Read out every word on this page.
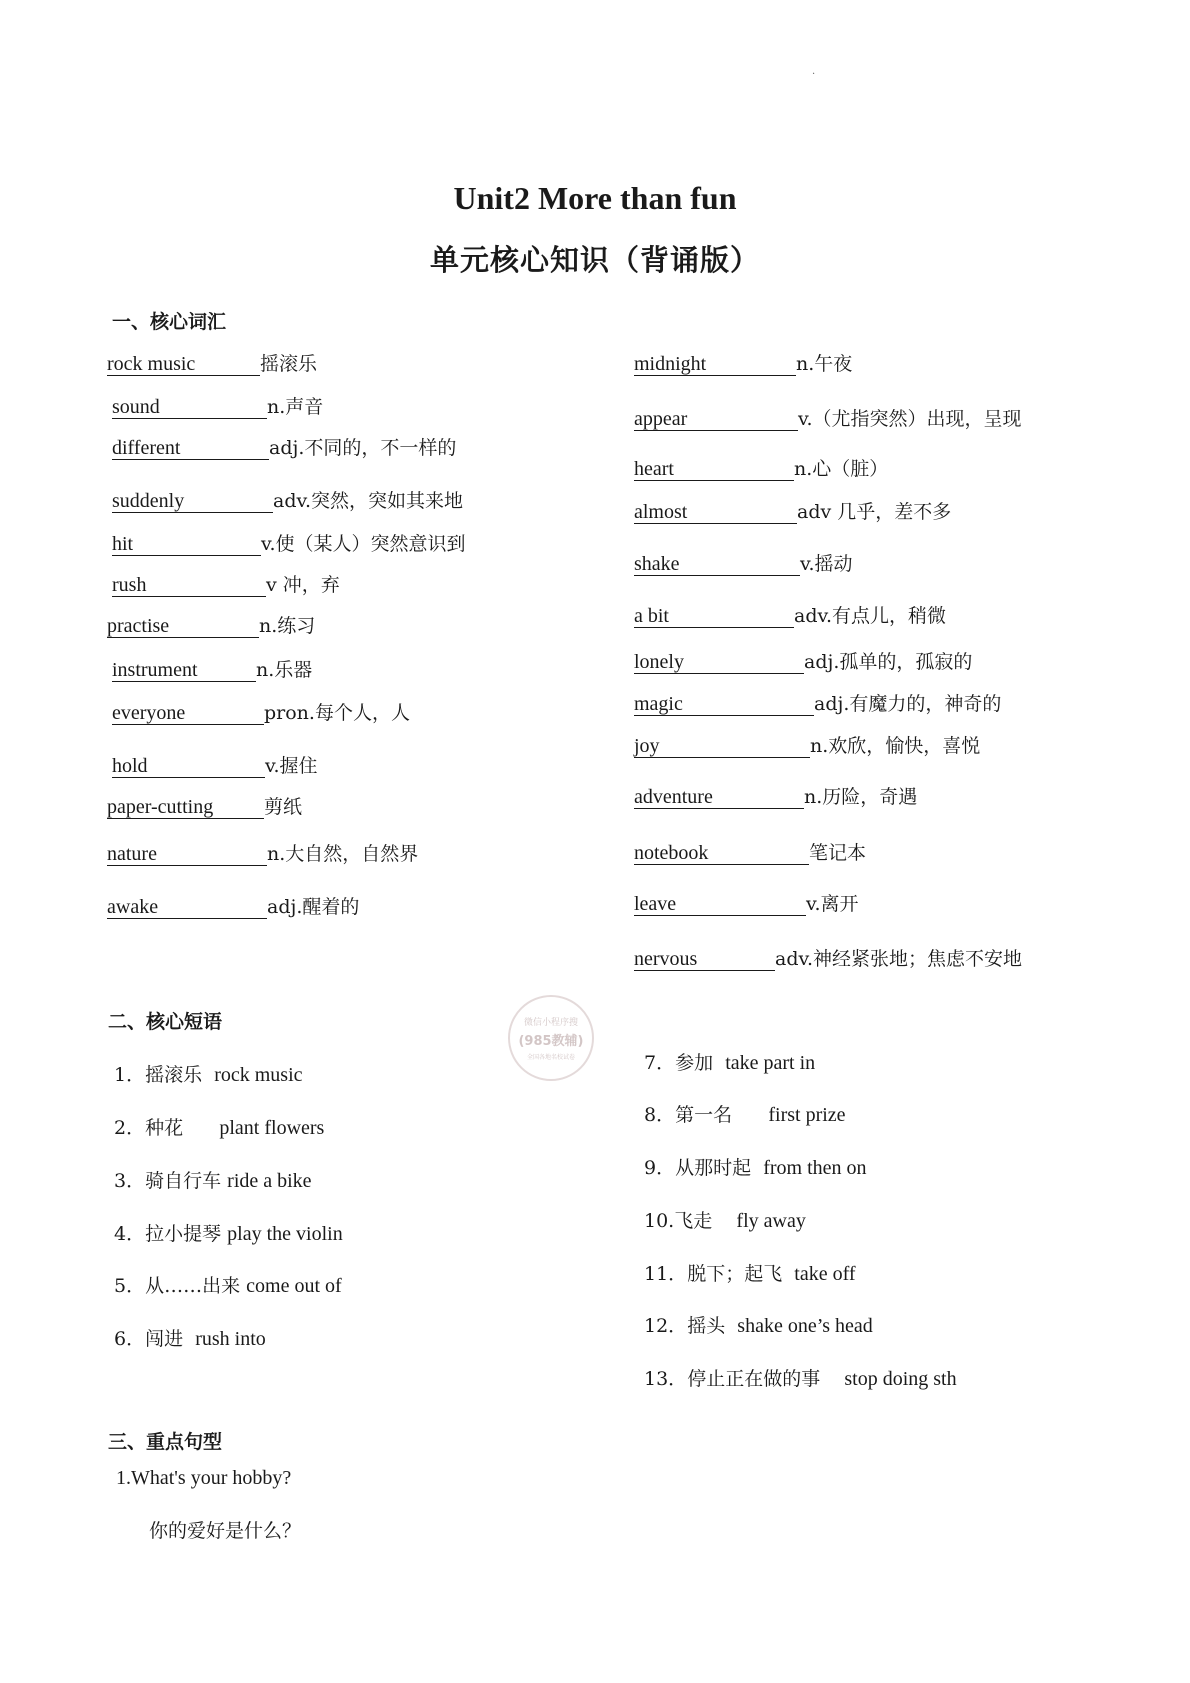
.
Unit2 More than fun
单元核心知识（背诵版）
一、核心词汇
rock music	摇滚乐
sound	n.声音
different	adj.不同的，不一样的
suddenly	adv.突然，突如其来地
hit	v.使（某人）突然意识到
rush	v 冲，弃
practise	n.练习
instrument	n.乐器
everyone	pron.每个人，人
hold	v.握住
paper-cutting	剪纸
nature	n.大自然，自然界
awake	adj.醒着的
midnight	n.午夜
appear	v.（尤指突然）出现，呈现
heart	n.心（脏）
almost	adv 几乎，差不多
shake	v.摇动
a bit	adv.有点儿，稍微
lonely	adj.孤单的，孤寂的
magic	adj.有魔力的，神奇的
joy	n.欢欣，愉快，喜悦
adventure	n.历险，奇遇
notebook	笔记本
leave	v.离开
nervous	adv.神经紧张地；焦虑不安地
二、核心短语	微信小程序搜
(985教辅)
全国各地名校试卷
1．摇滚乐 rock music
2．种花 plant flowers
3．骑自行车 ride a bike
4．拉小提琴 play the violin
5．从……出来 come out of
6．闯进 rush into
7．参加 take part in
8．第一名 first prize
9．从那时起 from then on
10.飞走 fly away
11．脱下；起飞 take off
12．摇头 shake one’s head
13．停止正在做的事 stop doing sth
三、重点句型
1.What's your hobby?
你的爱好是什么？
